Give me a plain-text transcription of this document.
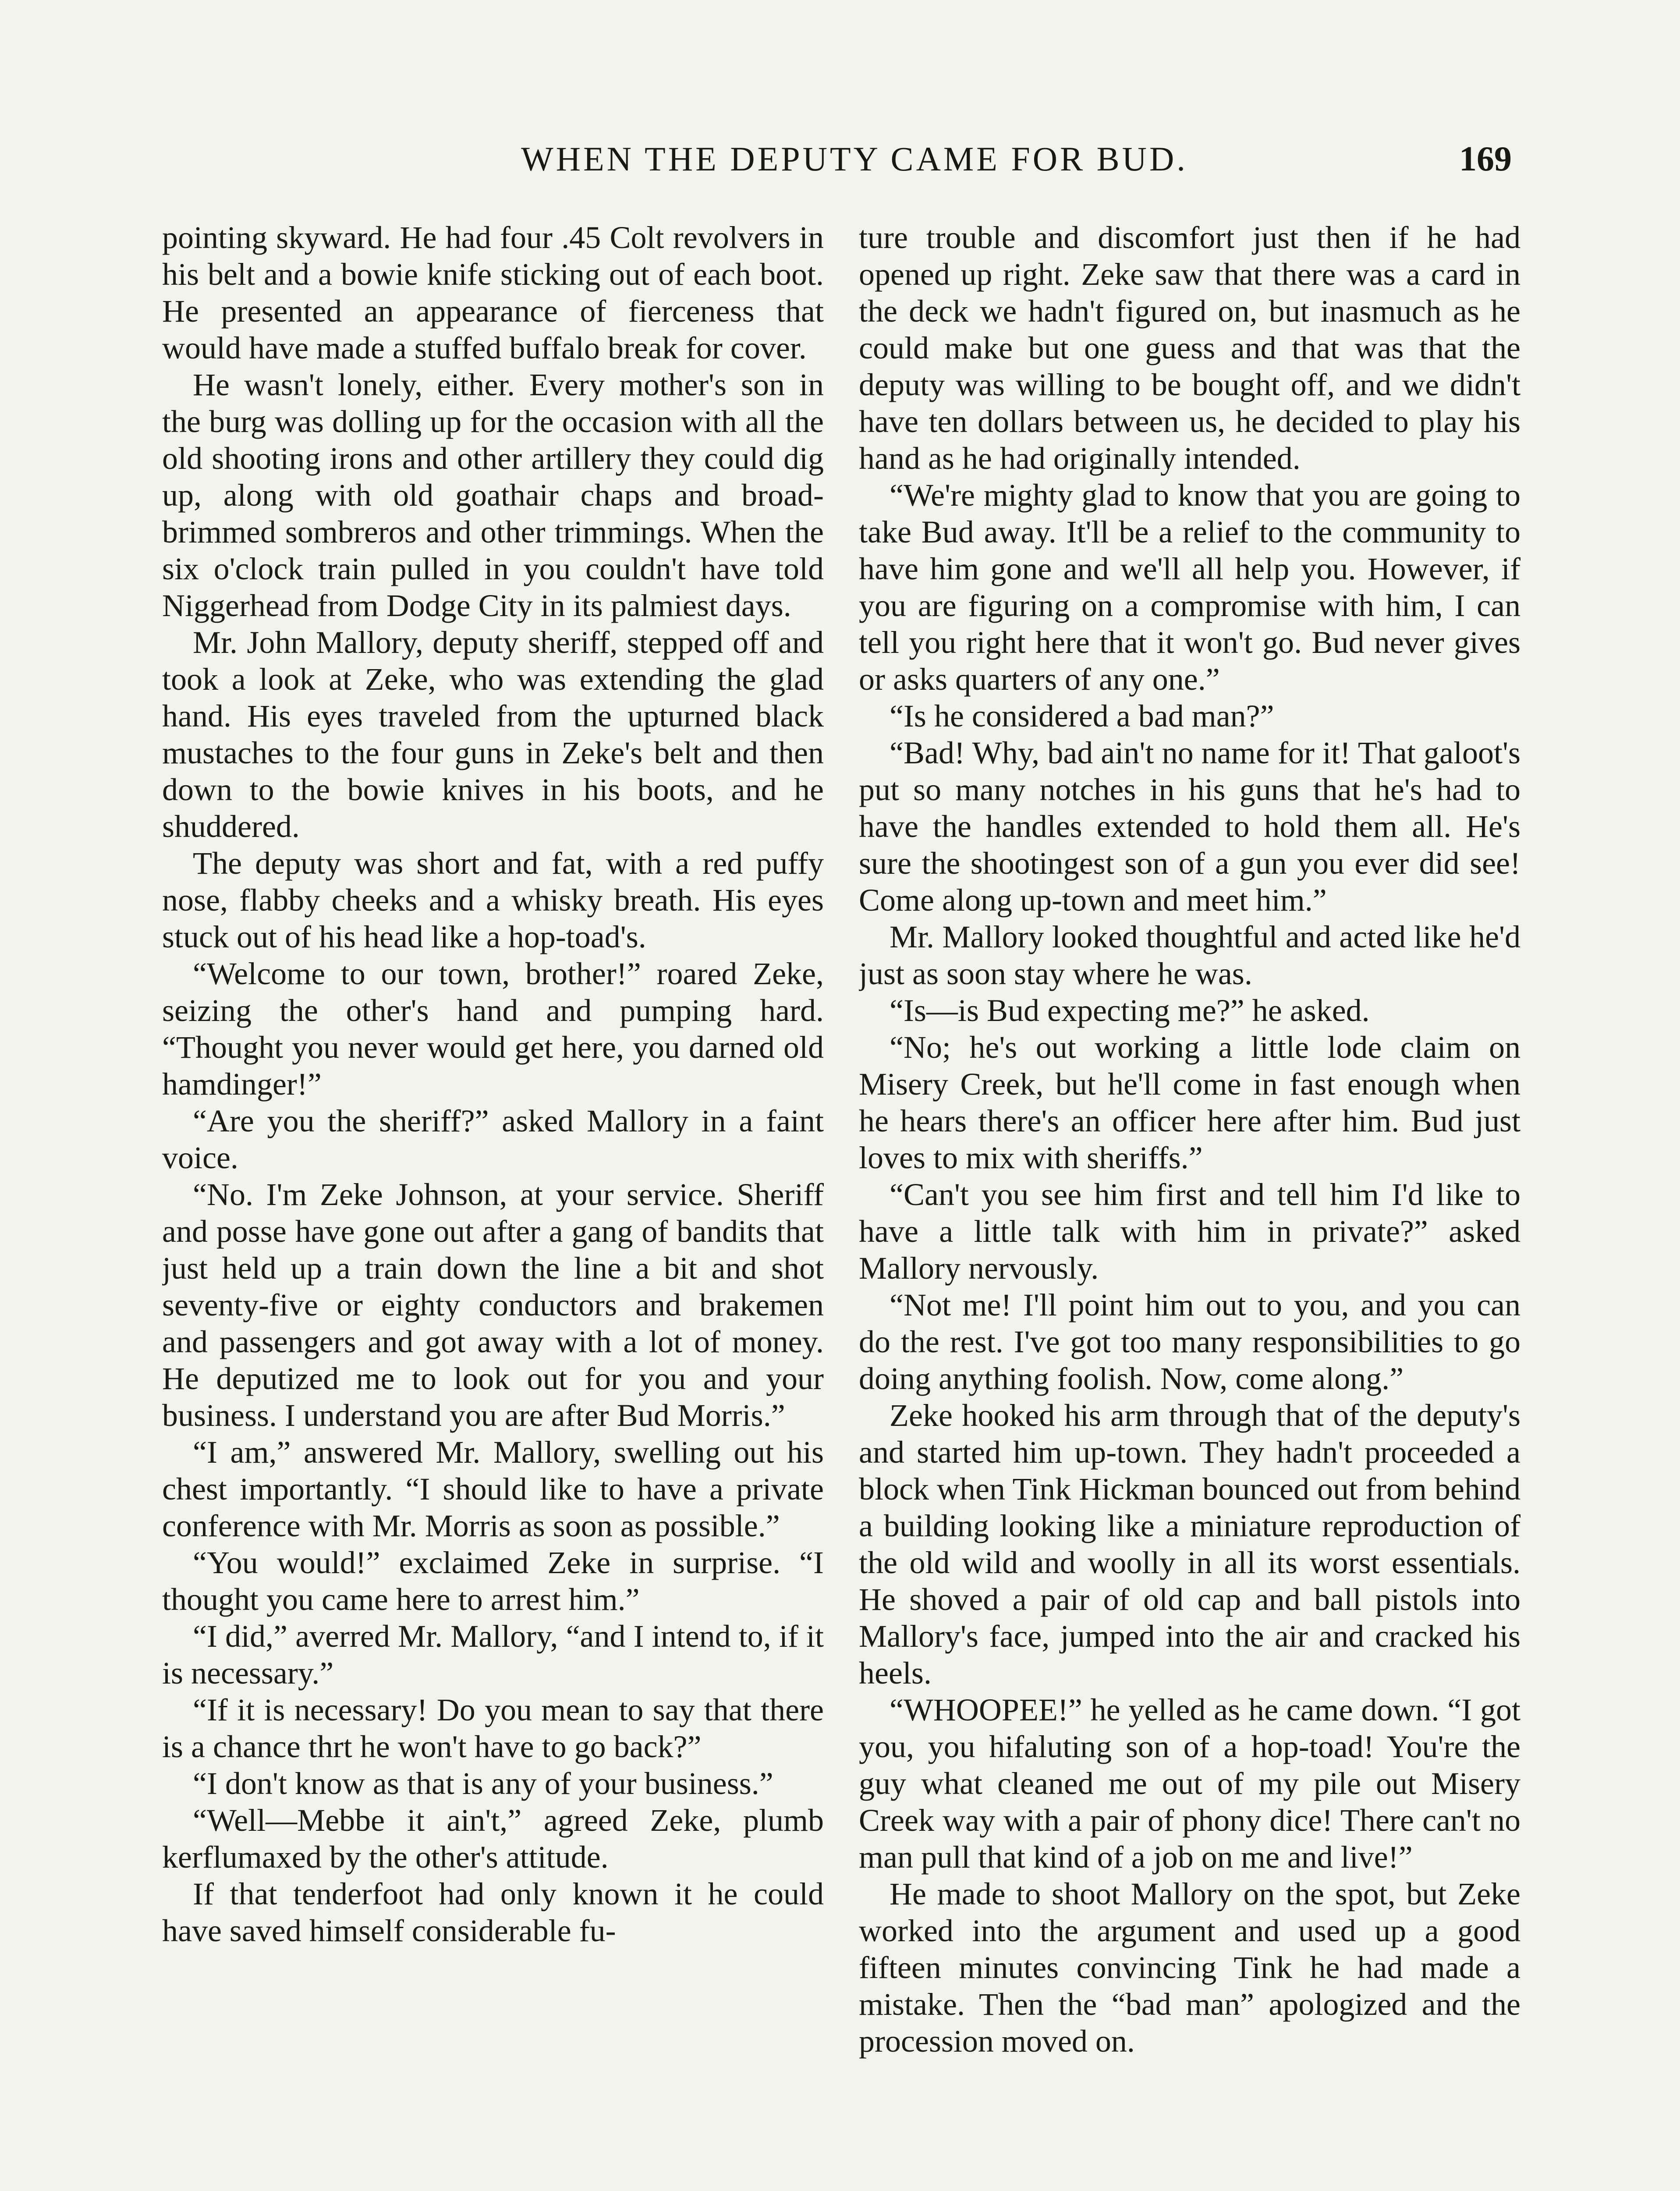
WHEN THE DEPUTY CAME FOR BUD.	169

pointing skyward. He had four .45 Colt revolvers in his belt and a bowie knife sticking out of each boot. He presented an appearance of fierceness that would have made a stuffed buffalo break for cover.

He wasn't lonely, either. Every mother's son in the burg was dolling up for the occasion with all the old shooting irons and other artillery they could dig up, along with old goathair chaps and broad-brimmed sombreros and other trimmings. When the six o'clock train pulled in you couldn't have told Niggerhead from Dodge City in its palmiest days.

Mr. John Mallory, deputy sheriff, stepped off and took a look at Zeke, who was extending the glad hand. His eyes traveled from the upturned black mustaches to the four guns in Zeke's belt and then down to the bowie knives in his boots, and he shuddered.

The deputy was short and fat, with a red puffy nose, flabby cheeks and a whisky breath. His eyes stuck out of his head like a hop-toad's.

“Welcome to our town, brother!” roared Zeke, seizing the other's hand and pumping hard. “Thought you never would get here, you darned old hamdinger!”

“Are you the sheriff?” asked Mallory in a faint voice.

“No. I'm Zeke Johnson, at your service. Sheriff and posse have gone out after a gang of bandits that just held up a train down the line a bit and shot seventy-five or eighty conductors and brakemen and passengers and got away with a lot of money. He deputized me to look out for you and your business. I understand you are after Bud Morris.”

“I am,” answered Mr. Mallory, swelling out his chest importantly. “I should like to have a private conference with Mr. Morris as soon as possible.”

“You would!” exclaimed Zeke in surprise. “I thought you came here to arrest him.”

“I did,” averred Mr. Mallory, “and I intend to, if it is necessary.”

“If it is necessary! Do you mean to say that there is a chance thrt he won't have to go back?”

“I don't know as that is any of your business.”

“Well—Mebbe it ain't,” agreed Zeke, plumb kerflumaxed by the other's attitude.

If that tenderfoot had only known it he could have saved himself considerable fu-

ture trouble and discomfort just then if he had opened up right. Zeke saw that there was a card in the deck we hadn't figured on, but inasmuch as he could make but one guess and that was that the deputy was willing to be bought off, and we didn't have ten dollars between us, he decided to play his hand as he had originally intended.

“We're mighty glad to know that you are going to take Bud away. It'll be a relief to the community to have him gone and we'll all help you. However, if you are figuring on a compromise with him, I can tell you right here that it won't go. Bud never gives or asks quarters of any one.”

“Is he considered a bad man?”

“Bad! Why, bad ain't no name for it! That galoot's put so many notches in his guns that he's had to have the handles extended to hold them all. He's sure the shootingest son of a gun you ever did see! Come along up-town and meet him.”

Mr. Mallory looked thoughtful and acted like he'd just as soon stay where he was.

“Is—is Bud expecting me?” he asked.

“No; he's out working a little lode claim on Misery Creek, but he'll come in fast enough when he hears there's an officer here after him. Bud just loves to mix with sheriffs.”

“Can't you see him first and tell him I'd like to have a little talk with him in private?” asked Mallory nervously.

“Not me! I'll point him out to you, and you can do the rest. I've got too many responsibilities to go doing anything foolish. Now, come along.”

Zeke hooked his arm through that of the deputy's and started him up-town. They hadn't proceeded a block when Tink Hickman bounced out from behind a building looking like a miniature reproduction of the old wild and woolly in all its worst essentials. He shoved a pair of old cap and ball pistols into Mallory's face, jumped into the air and cracked his heels.

“WHOOPEE!” he yelled as he came down. “I got you, you hifaluting son of a hop-toad! You're the guy what cleaned me out of my pile out Misery Creek way with a pair of phony dice! There can't no man pull that kind of a job on me and live!”

He made to shoot Mallory on the spot, but Zeke worked into the argument and used up a good fifteen minutes convincing Tink he had made a mistake. Then the “bad man” apologized and the procession moved on.
